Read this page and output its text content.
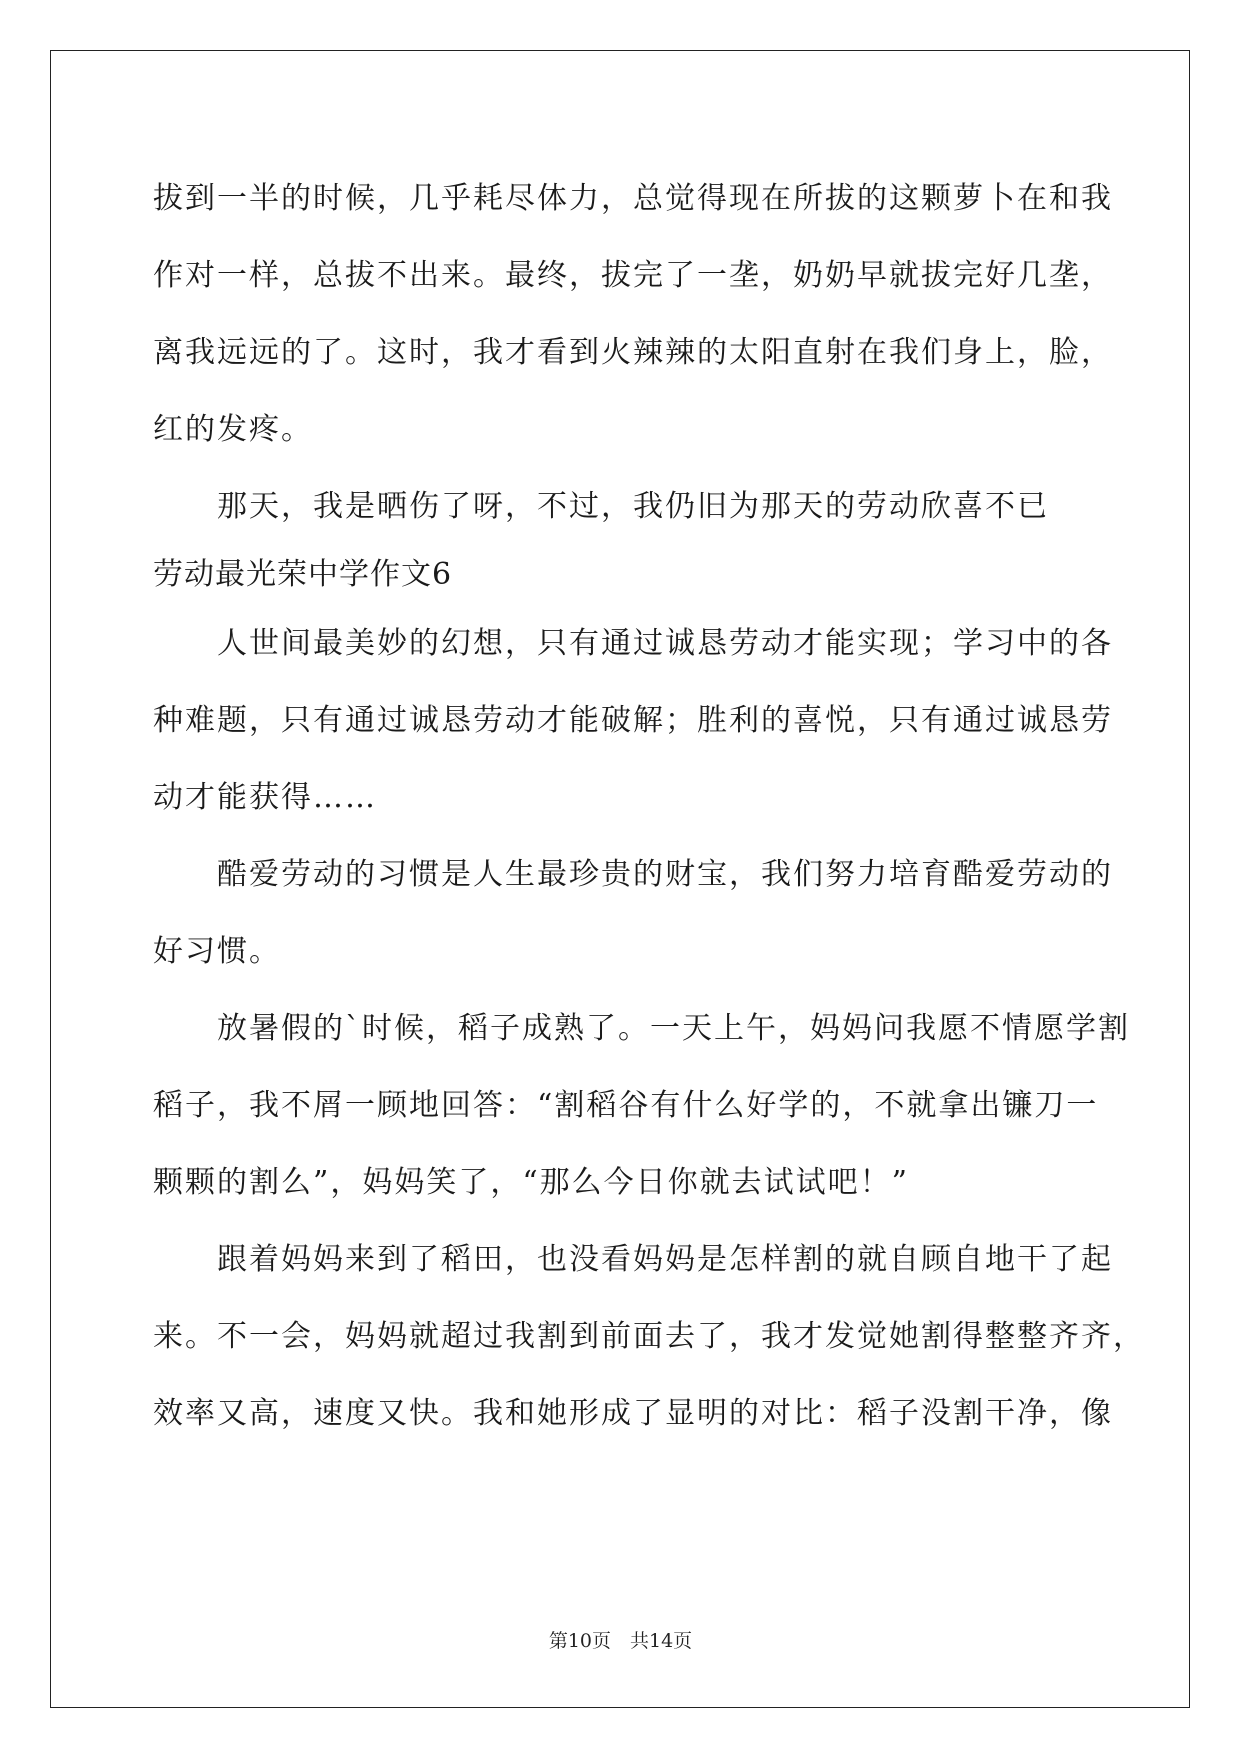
拔到一半的时候，几乎耗尽体力，总觉得现在所拔的这颗萝卜在和我
作对一样，总拔不出来。最终，拔完了一垄，奶奶早就拔完好几垄，
离我远远的了。这时，我才看到火辣辣的太阳直射在我们身上，脸，
红的发疼。
那天，我是晒伤了呀，不过，我仍旧为那天的劳动欣喜不已
劳动最光荣中学作文6
人世间最美妙的幻想，只有通过诚恳劳动才能实现；学习中的各
种难题，只有通过诚恳劳动才能破解；胜利的喜悦，只有通过诚恳劳
动才能获得……
酷爱劳动的习惯是人生最珍贵的财宝，我们努力培育酷爱劳动的
好习惯。
放暑假的`时候，稻子成熟了。一天上午，妈妈问我愿不情愿学割
稻子，我不屑一顾地回答：“割稻谷有什么好学的，不就拿出镰刀一
颗颗的割么”，妈妈笑了，“那么今日你就去试试吧！”
跟着妈妈来到了稻田，也没看妈妈是怎样割的就自顾自地干了起
来。不一会，妈妈就超过我割到前面去了，我才发觉她割得整整齐齐，
效率又高，速度又快。我和她形成了显明的对比：稻子没割干净，像
第10页　共14页
